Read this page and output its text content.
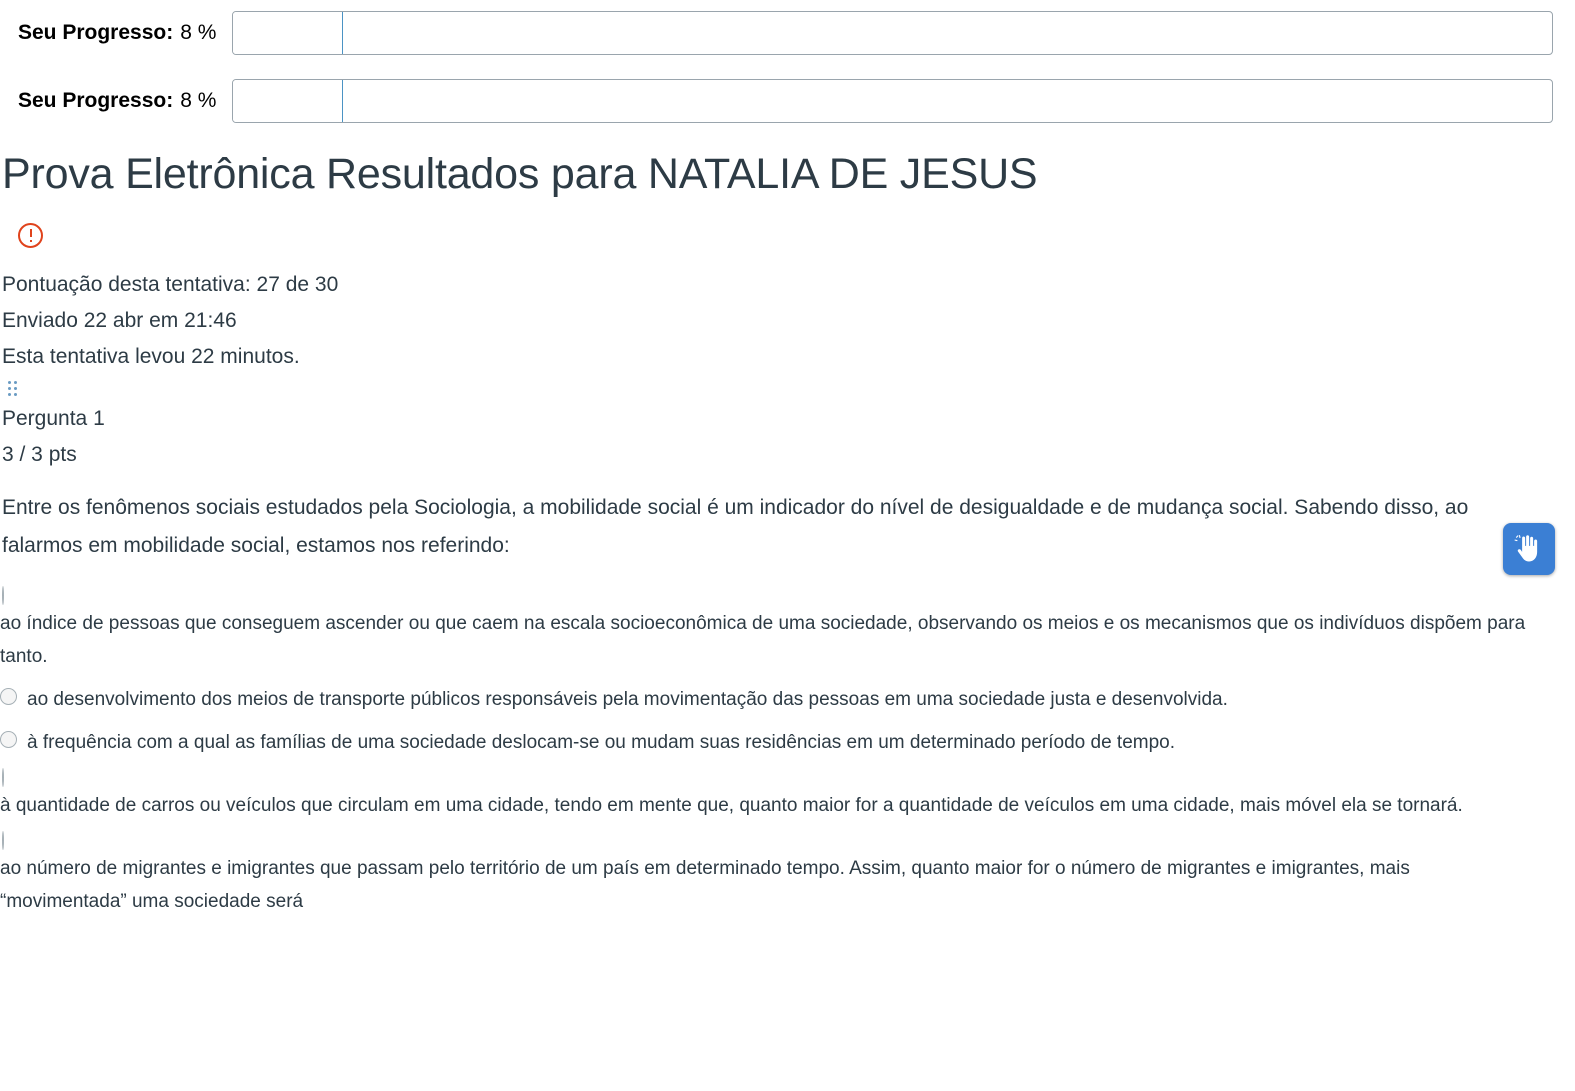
Seu Progresso: 8 %
Seu Progresso: 8 %
Prova Eletrônica Resultados para NATALIA DE JESUS
Pontuação desta tentativa: 27 de 30
Enviado 22 abr em 21:46
Esta tentativa levou 22 minutos.
Pergunta 1
3 / 3 pts
Entre os fenômenos sociais estudados pela Sociologia, a mobilidade social é um indicador do nível de desigualdade e de mudança social. Sabendo disso, ao falarmos em mobilidade social, estamos nos referindo:
ao índice de pessoas que conseguem ascender ou que caem na escala socioeconômica de uma sociedade, observando os meios e os mecanismos que os indivíduos dispõem para tanto.
ao desenvolvimento dos meios de transporte públicos responsáveis pela movimentação das pessoas em uma sociedade justa e desenvolvida.
à frequência com a qual as famílias de uma sociedade deslocam-se ou mudam suas residências em um determinado período de tempo.
à quantidade de carros ou veículos que circulam em uma cidade, tendo em mente que, quanto maior for a quantidade de veículos em uma cidade, mais móvel ela se tornará.
ao número de migrantes e imigrantes que passam pelo território de um país em determinado tempo. Assim, quanto maior for o número de migrantes e imigrantes, mais “movimentada” uma sociedade será
